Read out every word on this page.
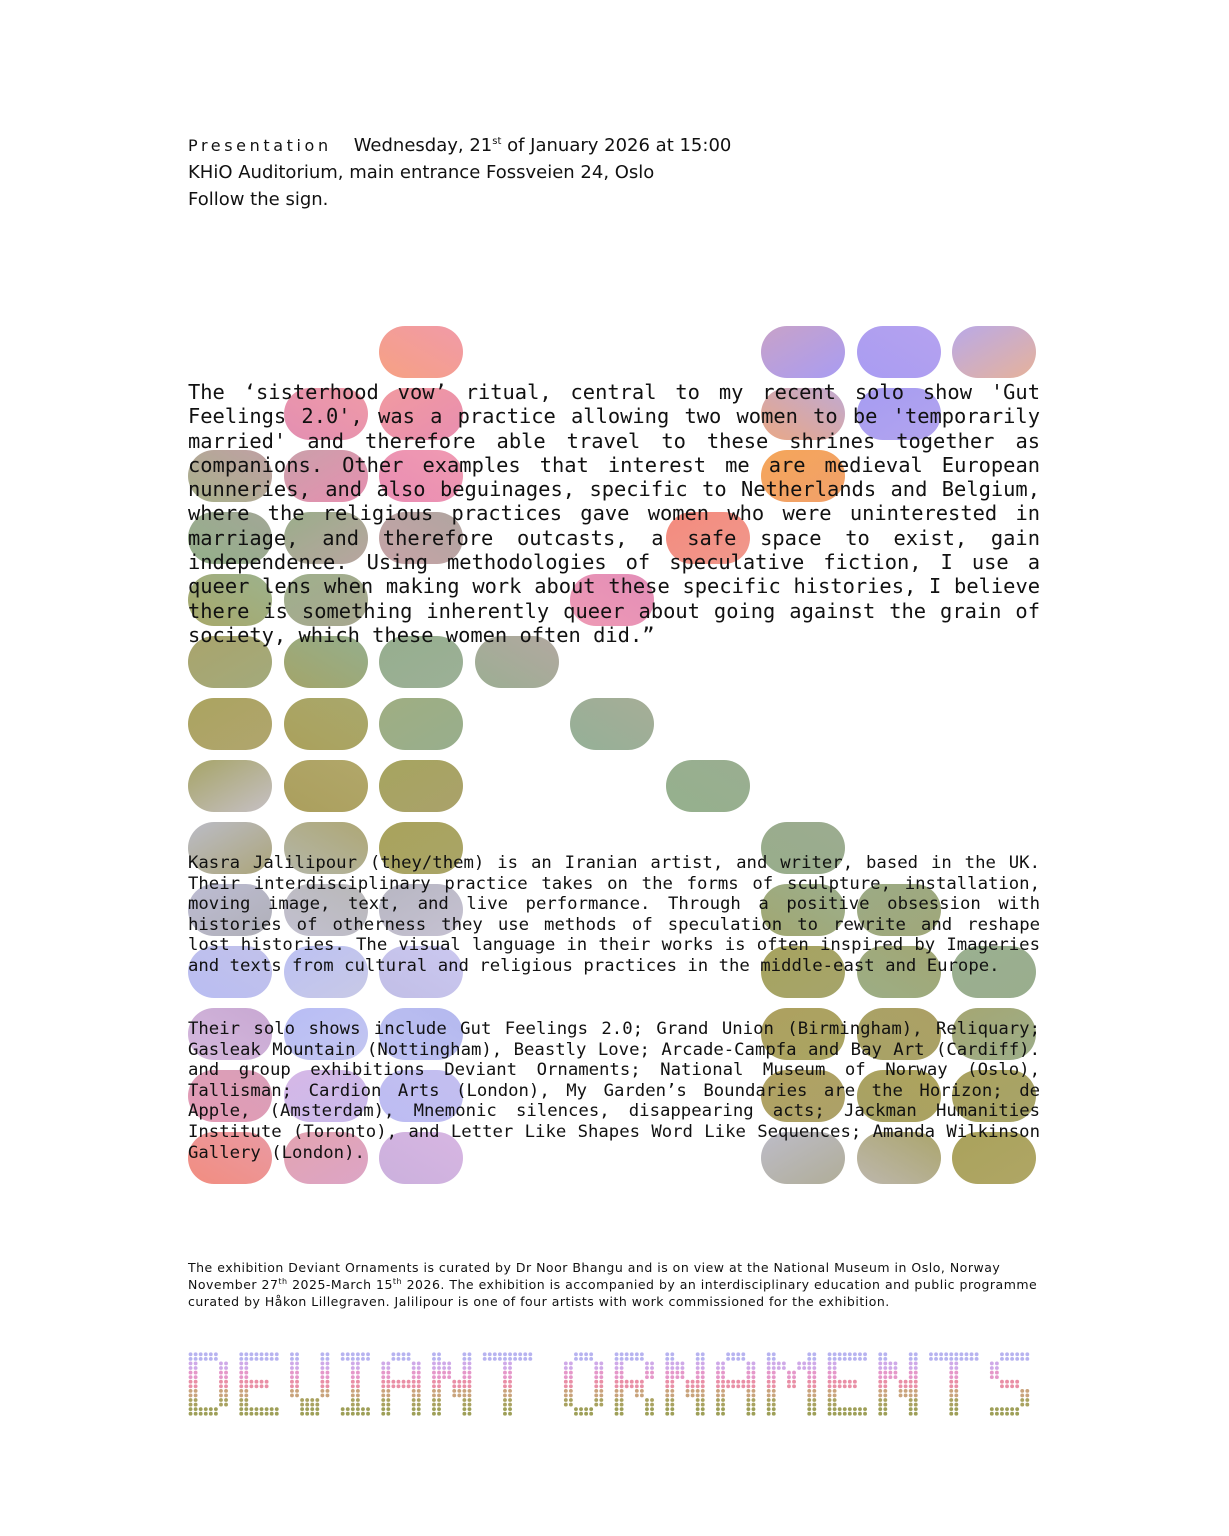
Presentation Wednesday, 21st of January 2026 at 15:00
KHiO Auditorium, main entrance Fossveien 24, Oslo
Follow the sign.
The ‘sisterhood vow’ ritual, central to my recent solo show 'Gut Feelings 2.0', was a practice allowing two women to be 'temporarily married' and therefore able travel to these shrines together as companions. Other examples that interest me are medieval European nunneries, and also beguinages, specific to Netherlands and Belgium, where the religious practices gave women who were uninterested in marriage, and therefore outcasts, a safe space to exist, gain independence. Using methodologies of speculative fiction, I use a queer lens when making work about these specific histories, I believe there is something inherently queer about going against the grain of society, which these women often did.”
Kasra Jalilipour (they/them) is an Iranian artist, and writer, based in the UK. Their interdisciplinary practice takes on the forms of sculpture, installation, moving image, text, and live performance. Through a positive obsession with histories of otherness they use methods of speculation to rewrite and reshape lost histories. The visual language in their works is often inspired by Imageries and texts from cultural and religious practices in the middle-east and Europe.
Their solo shows include Gut Feelings 2.0; Grand Union (Birmingham), Reliquary; Gasleak Mountain (Nottingham), Beastly Love; Arcade-Campfa and Bay Art (Cardiff). and group exhibitions Deviant Ornaments; National Museum of Norway (Oslo), Tallisman; Cardion Arts (London), My Garden’s Boundaries are the Horizon; de Apple, (Amsterdam), Mnemonic silences, disappearing acts; Jackman Humanities Institute (Toronto), and Letter Like Shapes Word Like Sequences; Amanda Wilkinson Gallery (London).
The exhibition Deviant Ornaments is curated by Dr Noor Bhangu and is on view at the National Museum in Oslo, Norway November 27th 2025-March 15th 2026. The exhibition is accompanied by an interdisciplinary education and public programme curated by Håkon Lillegraven. Jalilipour is one of four artists with work commissioned for the exhibition.
